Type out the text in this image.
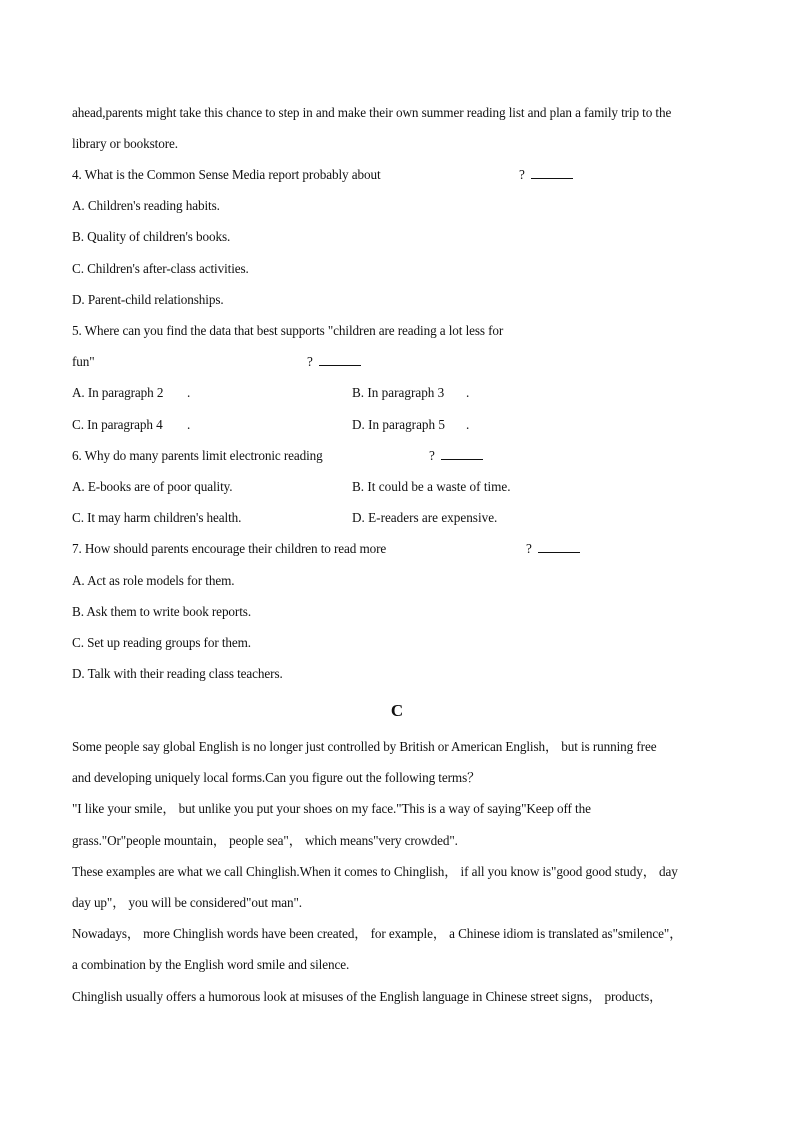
ahead,parents might take this chance to step in and make their own summer reading list and plan a family trip to the
library or bookstore.
4. What is the Common Sense Media report probably about	?
A. Children's reading habits.
B. Quality of children's books.
C. Children's after-class activities.
D. Parent-child relationships.
5. Where can you find the data that best supports "children are reading a lot less for
fun"	?
A. In paragraph 2 .	B. In paragraph 3 .
C. In paragraph 4 .	D. In paragraph 5 .
6. Why do many parents limit electronic reading	?
A. E-books are of poor quality.	B. It could be a waste of time.
C. It may harm children's health.	D. E-readers are expensive.
7. How should parents encourage their children to read more	?
A. Act as role models for them.
B. Ask them to write book reports.
C. Set up reading groups for them.
D. Talk with their reading class teachers.
C
Some people say global English is no longer just controlled by British or American English， but is running free
and developing uniquely local forms.Can you figure out the following terms？
"I like your smile， but unlike you put your shoes on my face."This is a way of saying"Keep off the
grass."Or"people mountain， people sea"， which means"very crowded".
These examples are what we call Chinglish.When it comes to Chinglish， if all you know is"good good study， day
day up"， you will be considered"out man".
Nowadays， more Chinglish words have been created， for example， a Chinese idiom is translated as"smilence"，
a combination by the English word smile and silence.
Chinglish usually offers a humorous look at misuses of the English language in Chinese street signs， products，
